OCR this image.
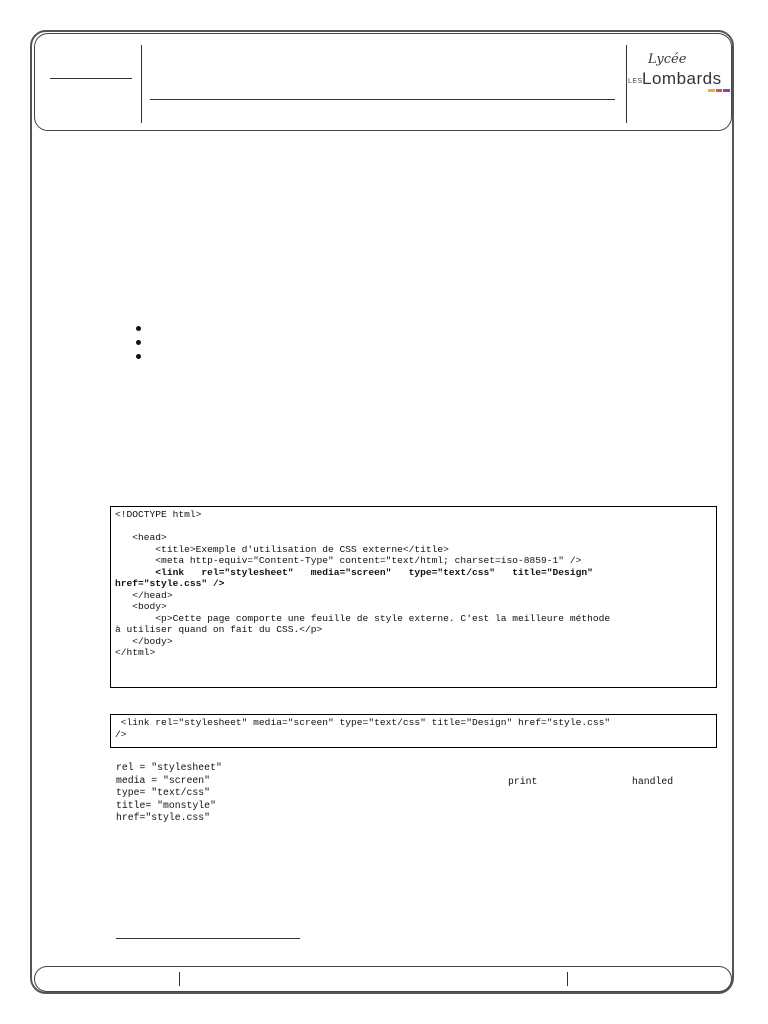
Lycée
LES Lombards
<!DOCTYPE html>
<head>
<title>Exemple d'utilisation de CSS externe</title>
<meta http-equiv="Content-Type" content="text/html; charset=iso-8859-1" />
<link   rel="stylesheet"   media="screen"   type="text/css"   title="Design"
href="style.css" />
</head>
<body>
<p>Cette page comporte une feuille de style externe. C'est la meilleure méthode
à utiliser quand on fait du CSS.</p>
</body>
</html>
<link rel="stylesheet" media="screen" type="text/css" title="Design" href="style.css"
/>
rel = "stylesheet"
media = "screen"
type= "text/css"
title= "monstyle"
href="style.css"
print	handled
